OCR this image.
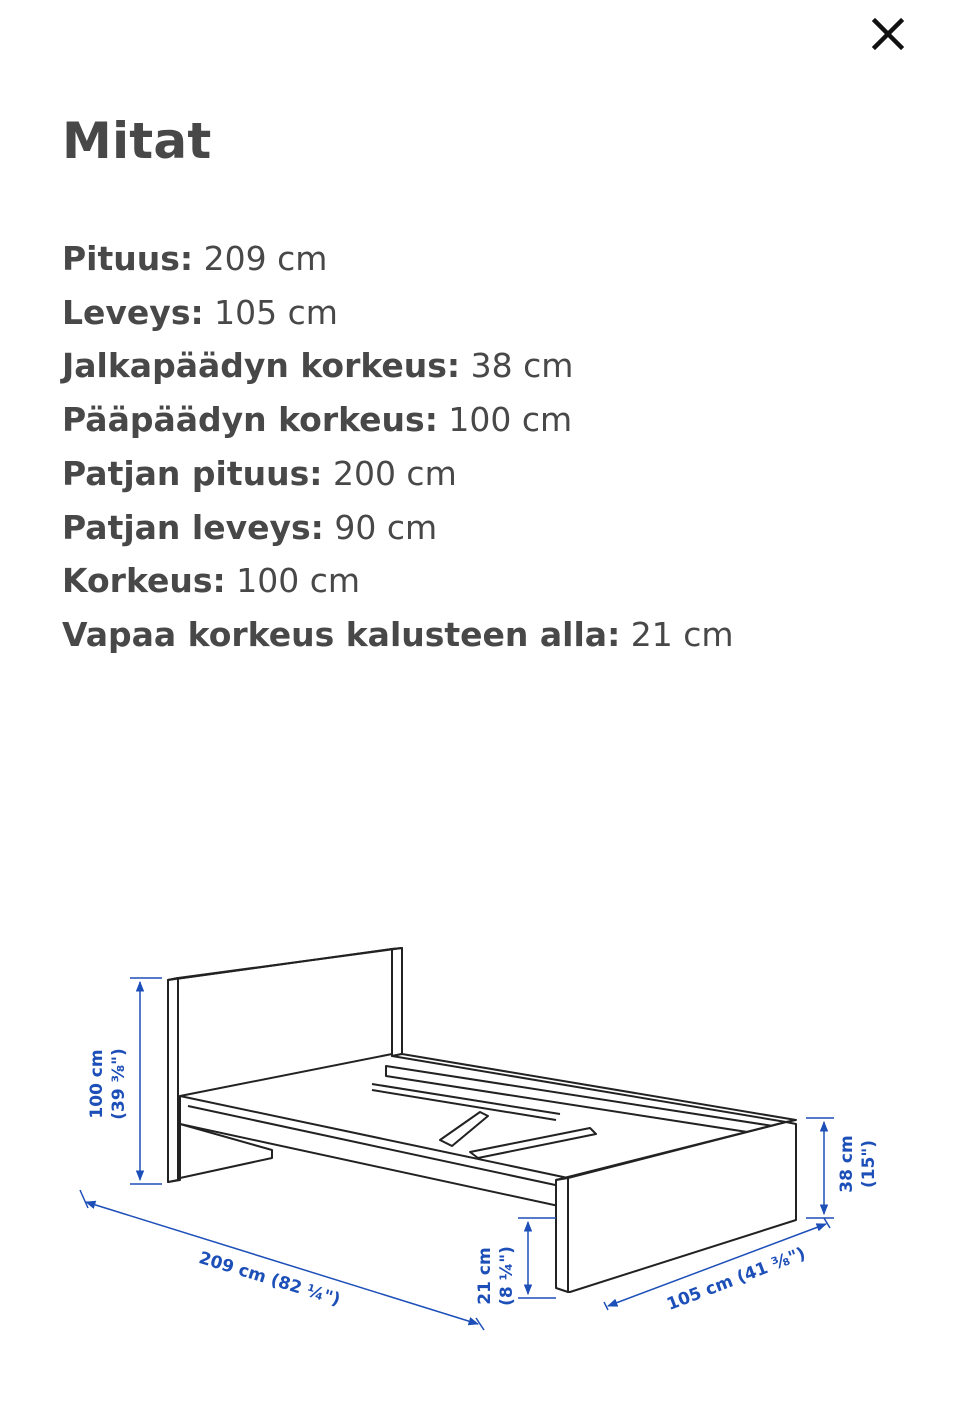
Mitat
Pituus: 209 cm
Leveys: 105 cm
Jalkapäädyn korkeus: 38 cm
Pääpäädyn korkeus: 100 cm
Patjan pituus: 200 cm
Patjan leveys: 90 cm
Korkeus: 100 cm
Vapaa korkeus kalusteen alla: 21 cm
100 cm (39 ⅜")
209 cm (82 ¼")	21 cm (8 ¼")	105 cm (41 ⅜")
38 cm (15")
